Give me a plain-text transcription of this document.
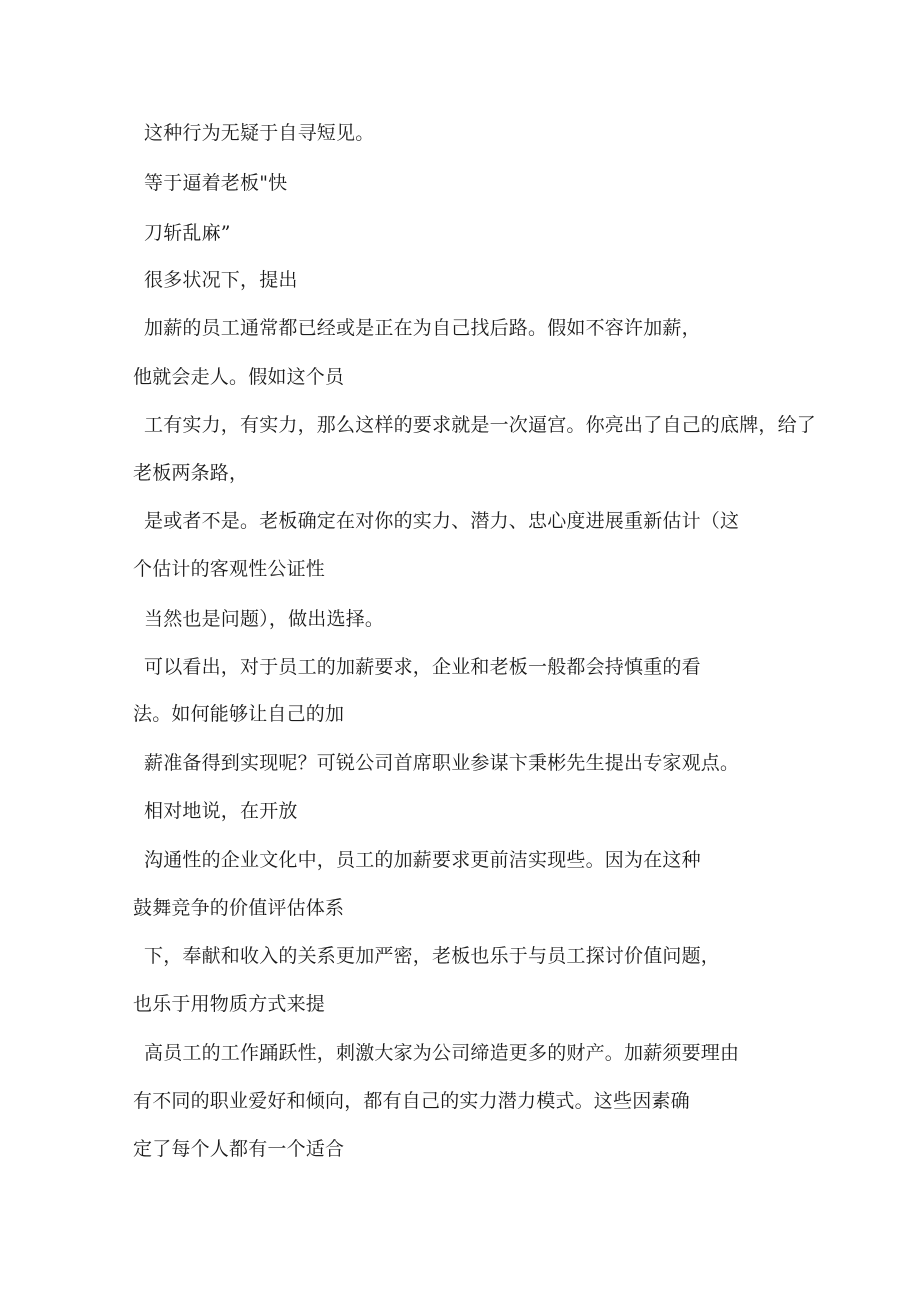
这种行为无疑于自寻短见。
等于逼着老板"快
刀斩乱麻”
很多状况下，提出
加薪的员工通常都已经或是正在为自己找后路。假如不容许加薪，
他就会走人。假如这个员
工有实力，有实力，那么这样的要求就是一次逼宫。你亮出了自己的底牌，给了
老板两条路，
是或者不是。老板确定在对你的实力、潜力、忠心度进展重新估计（这
个估计的客观性公证性
当然也是问题），做出选择。
可以看出，对于员工的加薪要求，企业和老板一般都会持慎重的看
法。如何能够让自己的加
薪准备得到实现呢？可锐公司首席职业参谋卞秉彬先生提出专家观点。
相对地说，在开放
沟通性的企业文化中，员工的加薪要求更前洁实现些。因为在这种
鼓舞竞争的价值评估体系
下，奉献和收入的关系更加严密，老板也乐于与员工探讨价值问题，
也乐于用物质方式来提
高员工的工作踊跃性，刺激大家为公司缔造更多的财产。加薪须要理由
有不同的职业爱好和倾向，都有自己的实力潜力模式。这些因素确
定了每个人都有一个适合
